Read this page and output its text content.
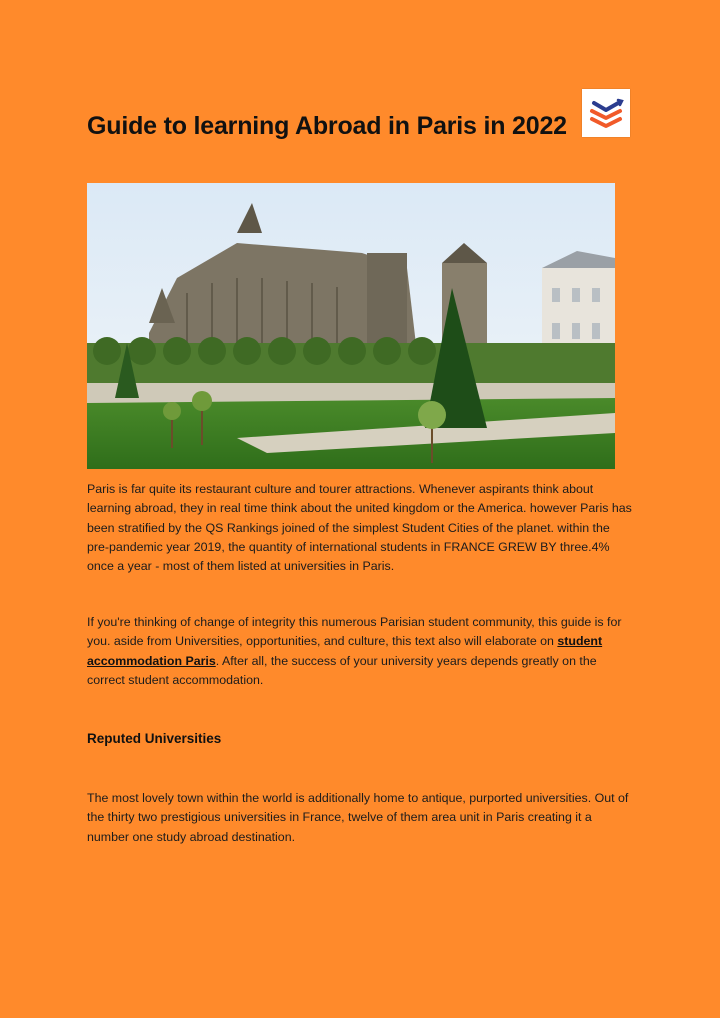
Guide to learning Abroad in Paris in 2022

Paris is far quite its restaurant culture and tourer attractions. Whenever aspirants think about learning abroad, they in real time think about the united kingdom or the America. however Paris has been stratified by the QS Rankings joined of the simplest Student Cities of the planet. within the pre-pandemic year 2019, the quantity of international students in FRANCE GREW BY three.4% once a year - most of them listed at universities in Paris.

If you're thinking of change of integrity this numerous Parisian student community, this guide is for you. aside from Universities, opportunities, and culture, this text also will elaborate on student accommodation Paris. After all, the success of your university years depends greatly on the correct student accommodation.

Reputed Universities

The most lovely town within the world is additionally home to antique, purported universities. Out of the thirty two prestigious universities in France, twelve of them area unit in Paris creating it a number one study abroad destination.
